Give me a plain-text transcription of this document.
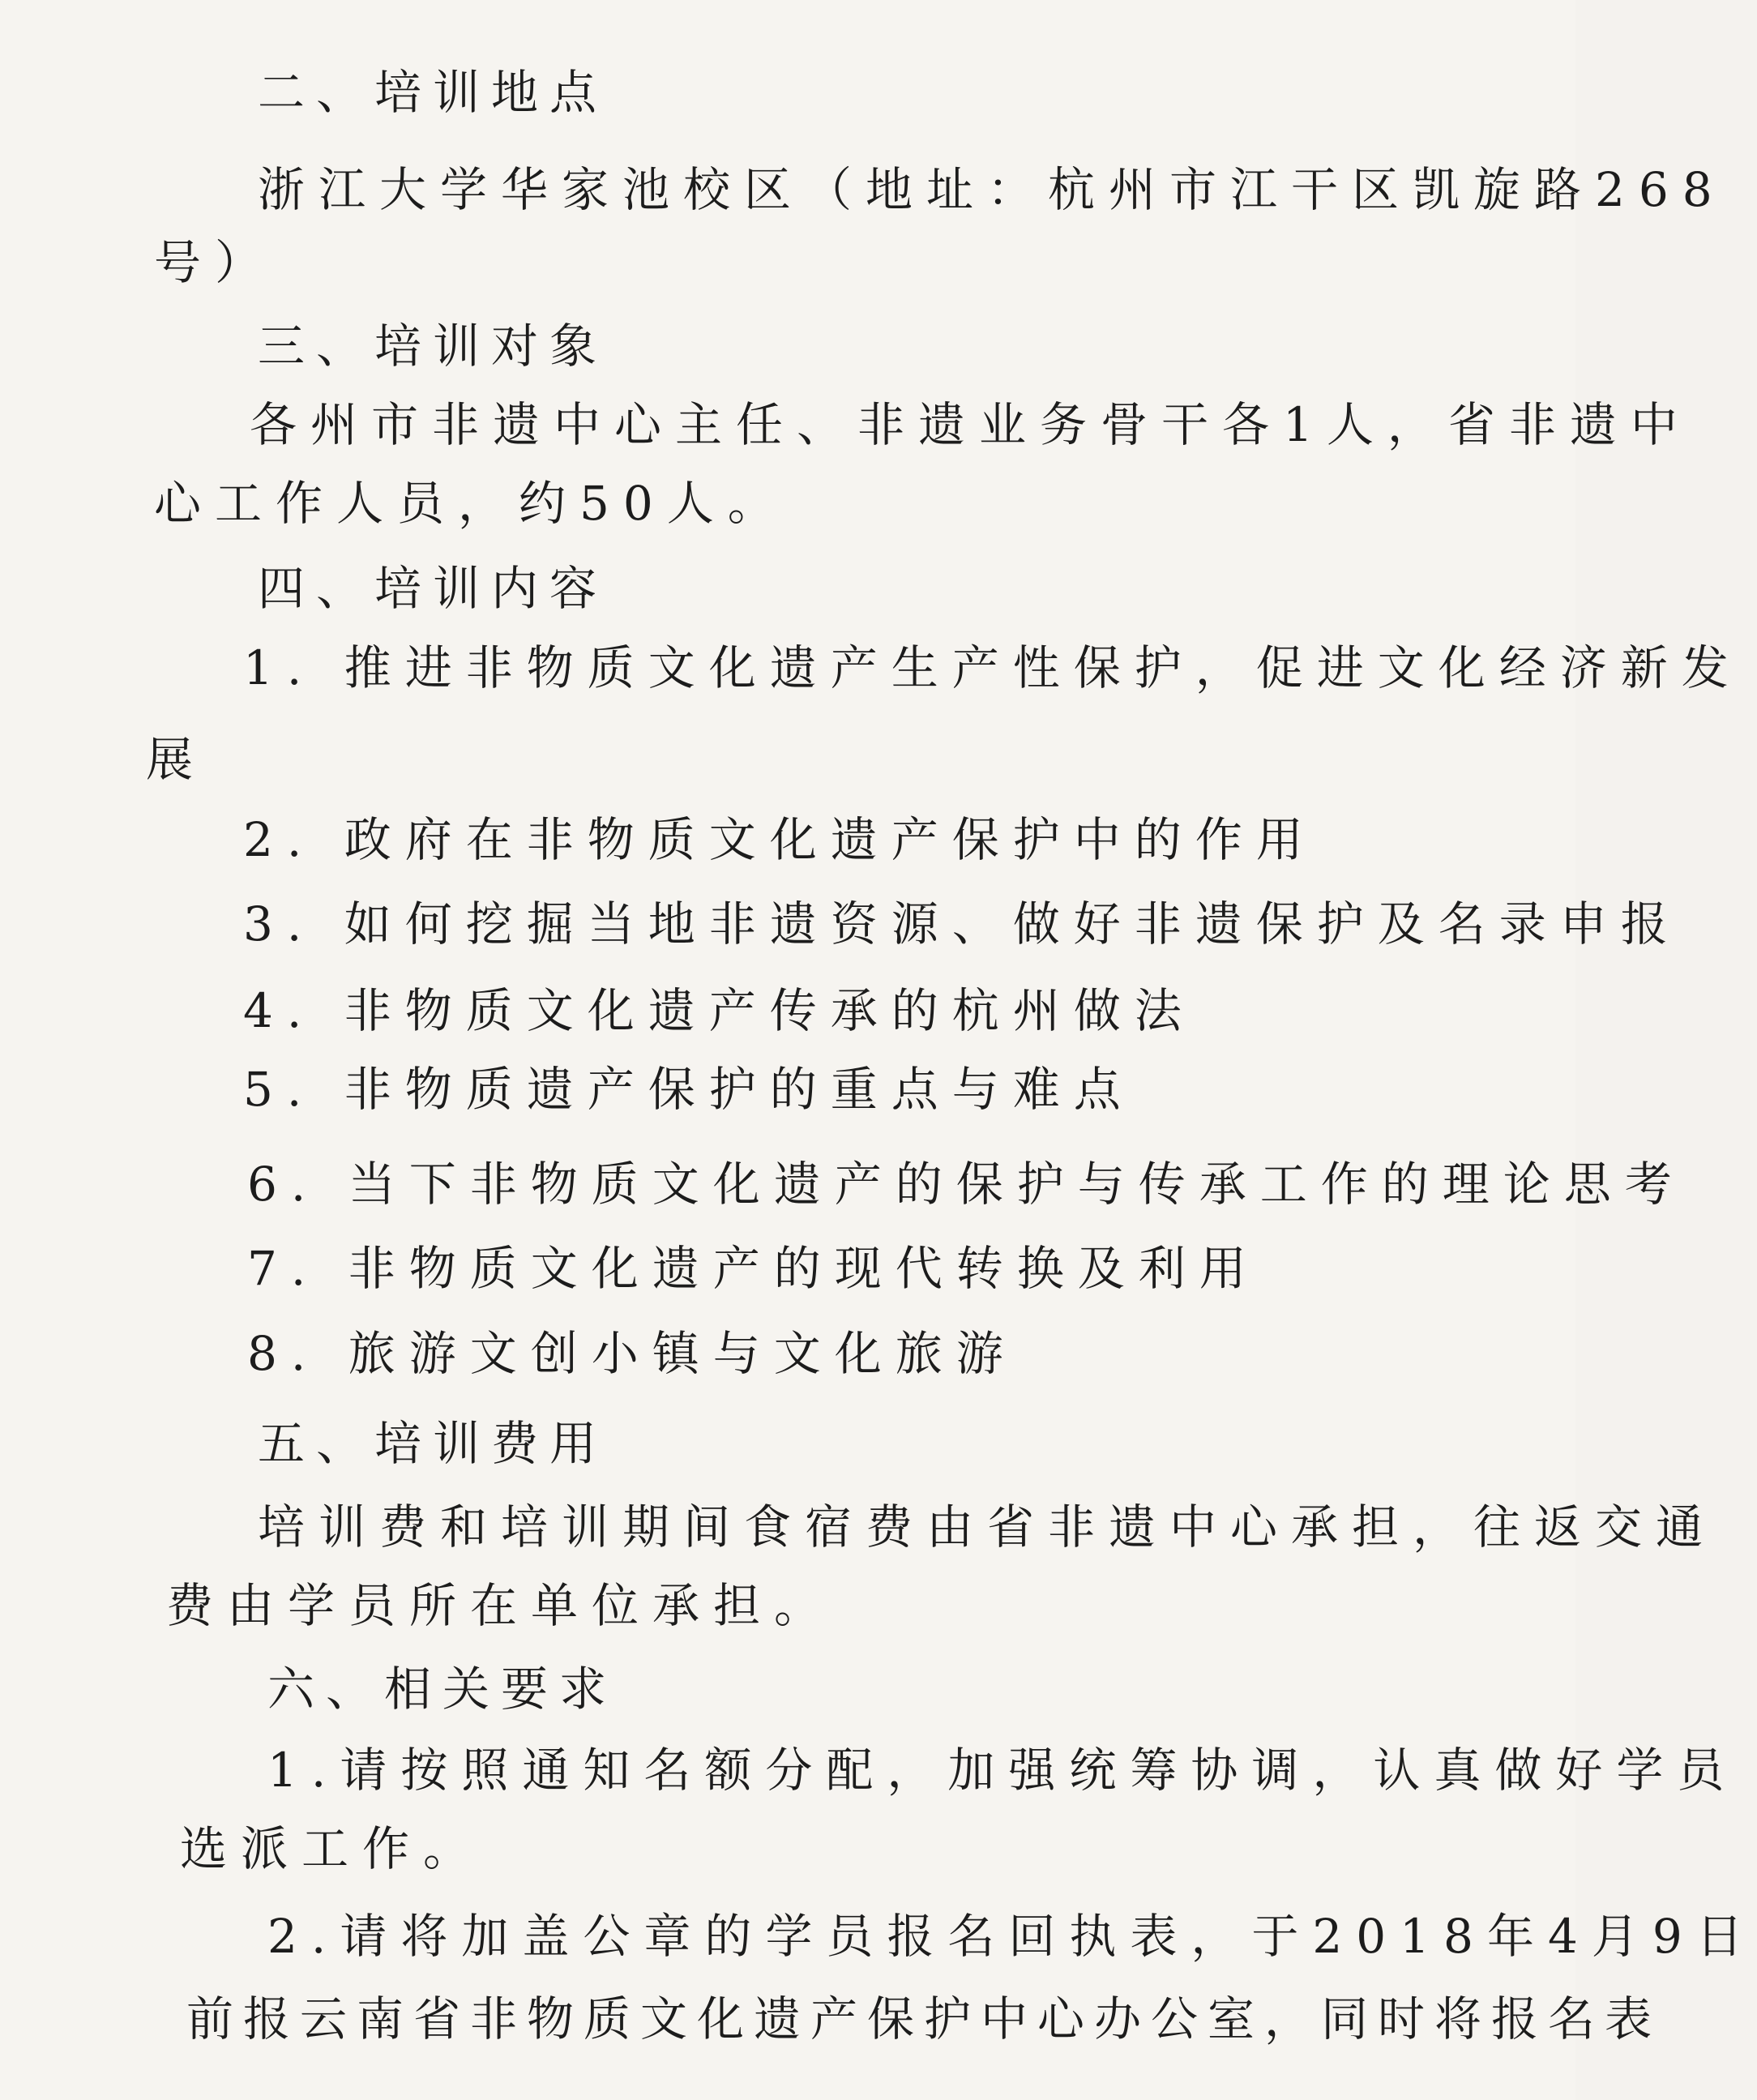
二、培训地点

浙江大学华家池校区（地址：杭州市江干区凯旋路268

号）

三、培训对象

各州市非遗中心主任、非遗业务骨干各1人，省非遗中

心工作人员，约50人。

四、培训内容

1. 推进非物质文化遗产生产性保护，促进文化经济新发

展

2. 政府在非物质文化遗产保护中的作用

3. 如何挖掘当地非遗资源、做好非遗保护及名录申报

4. 非物质文化遗产传承的杭州做法

5. 非物质遗产保护的重点与难点

6. 当下非物质文化遗产的保护与传承工作的理论思考

7. 非物质文化遗产的现代转换及利用

8. 旅游文创小镇与文化旅游

五、培训费用

培训费和培训期间食宿费由省非遗中心承担，往返交通

费由学员所在单位承担。

六、相关要求

1.请按照通知名额分配，加强统筹协调，认真做好学员

选派工作。

2.请将加盖公章的学员报名回执表，于2018年4月9日

前报云南省非物质文化遗产保护中心办公室，同时将报名表
